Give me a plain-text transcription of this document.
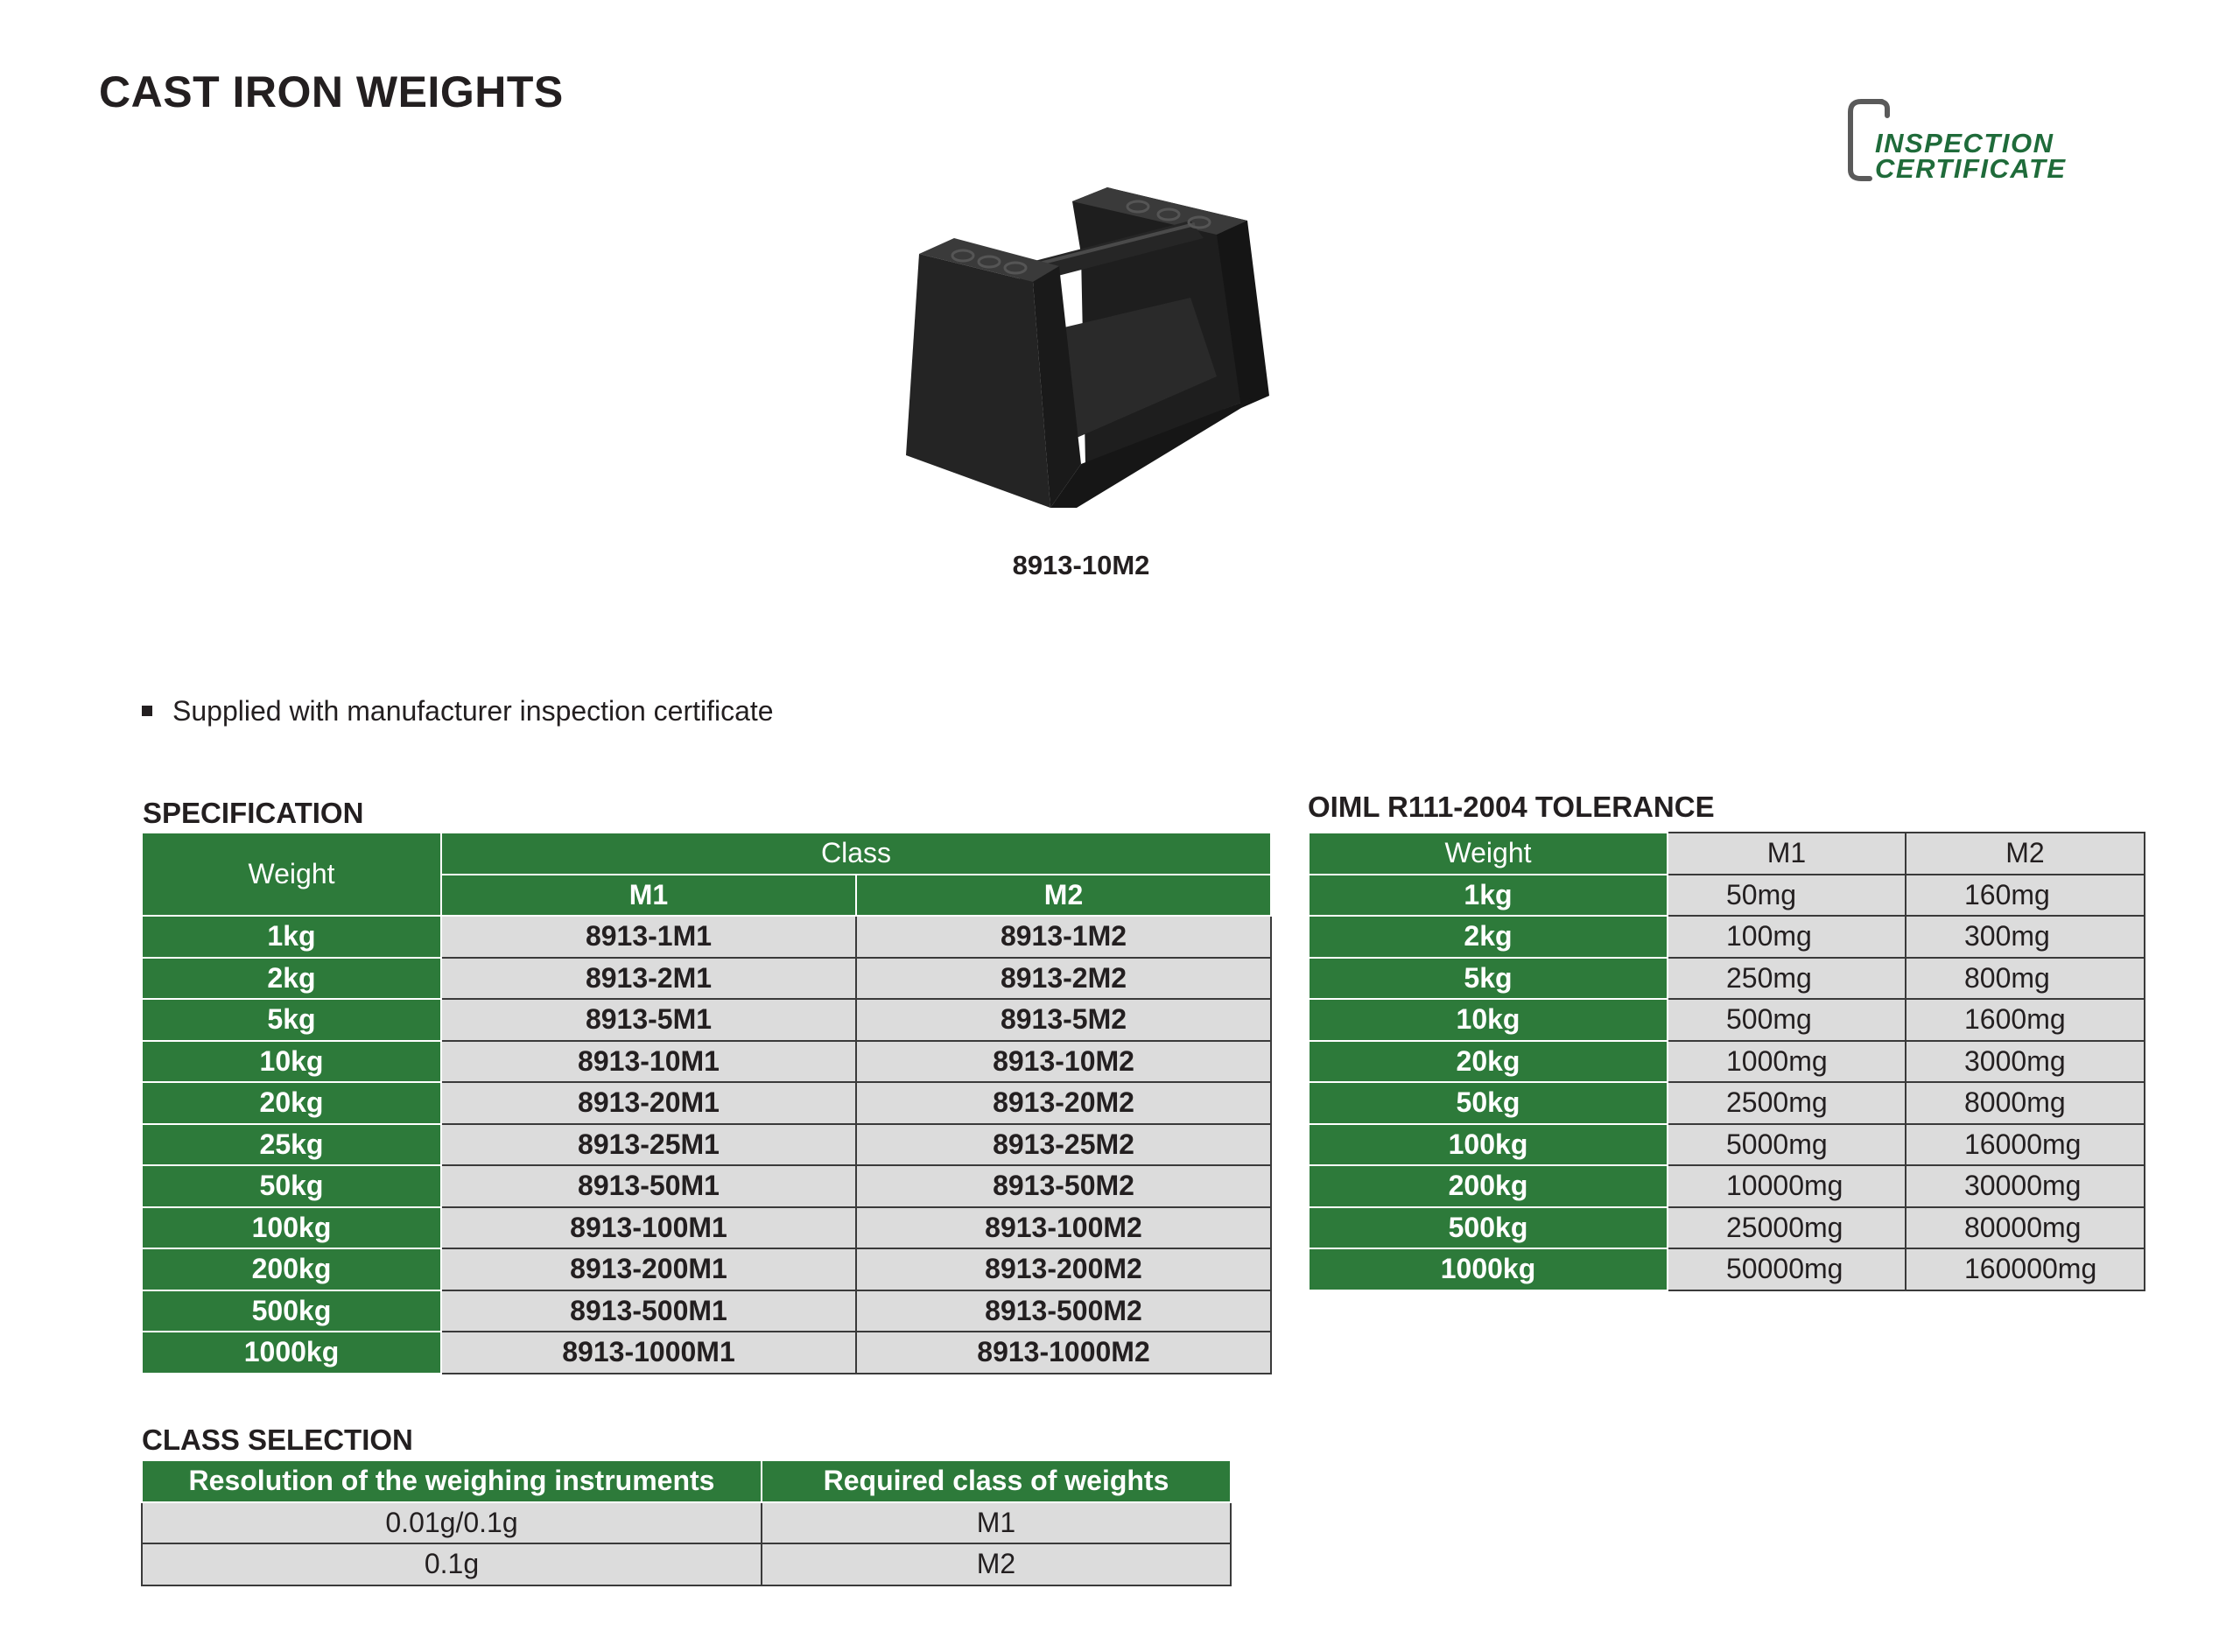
CAST IRON WEIGHTS
INSPECTION
CERTIFICATE
8913-10M2
Supplied with manufacturer inspection certificate
SPECIFICATION
Weight	Class	
	M1	M2
1kg	8913-1M1	8913-1M2
2kg	8913-2M1	8913-2M2
5kg	8913-5M1	8913-5M2
10kg	8913-10M1	8913-10M2
20kg	8913-20M1	8913-20M2
25kg	8913-25M1	8913-25M2
50kg	8913-50M1	8913-50M2
100kg	8913-100M1	8913-100M2
200kg	8913-200M1	8913-200M2
500kg	8913-500M1	8913-500M2
1000kg	8913-1000M1	8913-1000M2
OIML R111-2004 TOLERANCE
Weight	M1	M2
1kg	50mg	160mg
2kg	100mg	300mg
5kg	250mg	800mg
10kg	500mg	1600mg
20kg	1000mg	3000mg
50kg	2500mg	8000mg
100kg	5000mg	16000mg
200kg	10000mg	30000mg
500kg	25000mg	80000mg
1000kg	50000mg	160000mg
CLASS SELECTION
Resolution of the weighing instruments	Required class of weights
0.01g/0.1g	M1
0.1g	M2
